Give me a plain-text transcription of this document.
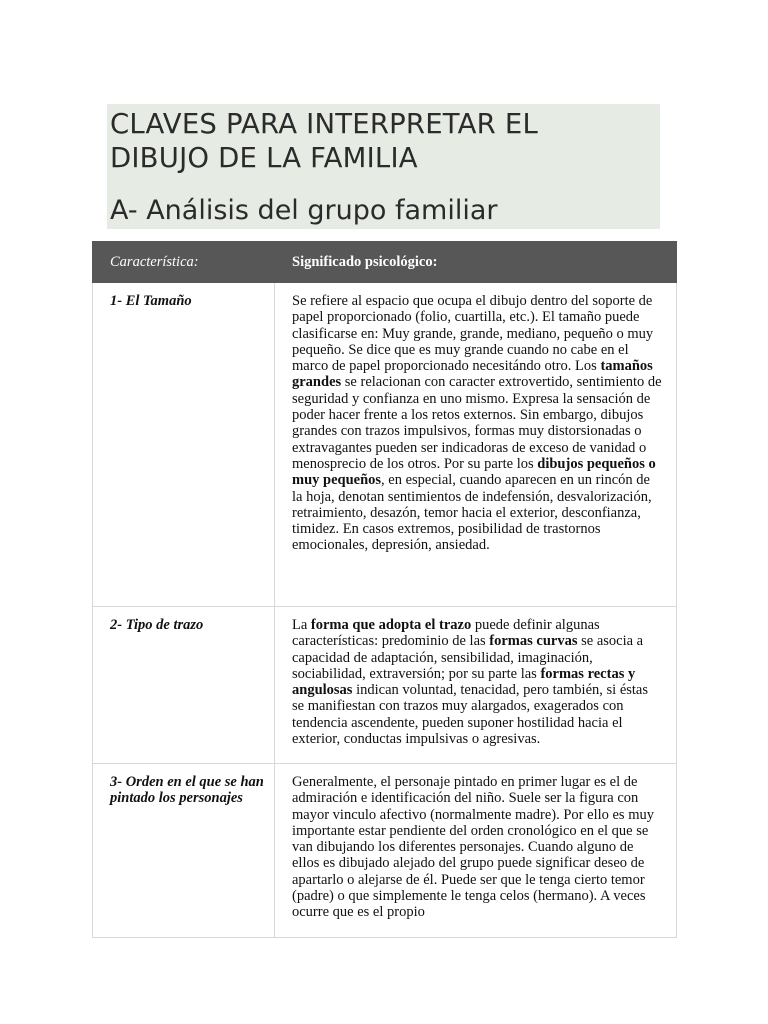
CLAVES PARA INTERPRETAR EL
DIBUJO DE LA FAMILIA
A- Análisis del grupo familiar
Característica:	Significado psicológico:
1- El Tamaño	Se refiere al espacio que ocupa el dibujo dentro del soporte de papel proporcionado (folio, cuartilla, etc.). El tamaño puede clasificarse en: Muy grande, grande, mediano, pequeño o muy pequeño. Se dice que es muy grande cuando no cabe en el marco de papel proporcionado necesitándo otro. Los tamaños grandes se relacionan con caracter extrovertido, sentimiento de seguridad y confianza en uno mismo. Expresa la sensación de poder hacer frente a los retos externos. Sin embargo, dibujos grandes con trazos impulsivos, formas muy distorsionadas o extravagantes pueden ser indicadoras de exceso de vanidad o menosprecio de los otros. Por su parte los dibujos pequeños o muy pequeños, en especial, cuando aparecen en un rincón de la hoja, denotan sentimientos de indefensión, desvalorización, retraimiento, desazón, temor hacia el exterior, desconfianza, timidez. En casos extremos, posibilidad de trastornos emocionales, depresión, ansiedad.
2- Tipo de trazo	La forma que adopta el trazo puede definir algunas características: predominio de las formas curvas se asocia a capacidad de adaptación, sensibilidad, imaginación, sociabilidad, extraversión; por su parte las formas rectas y angulosas indican voluntad, tenacidad, pero también, si éstas se manifiestan con trazos muy alargados, exagerados con tendencia ascendente, pueden suponer hostilidad hacia el exterior, conductas impulsivas o agresivas.
3- Orden en el que se han pintado los personajes	Generalmente, el personaje pintado en primer lugar es el de admiración e identificación del niño. Suele ser la figura con mayor vinculo afectivo (normalmente madre). Por ello es muy importante estar pendiente del orden cronológico en el que se van dibujando los diferentes personajes. Cuando alguno de ellos es dibujado alejado del grupo puede significar deseo de apartarlo o alejarse de él. Puede ser que le tenga cierto temor (padre) o que simplemente le tenga celos (hermano). A veces ocurre que es el propio
